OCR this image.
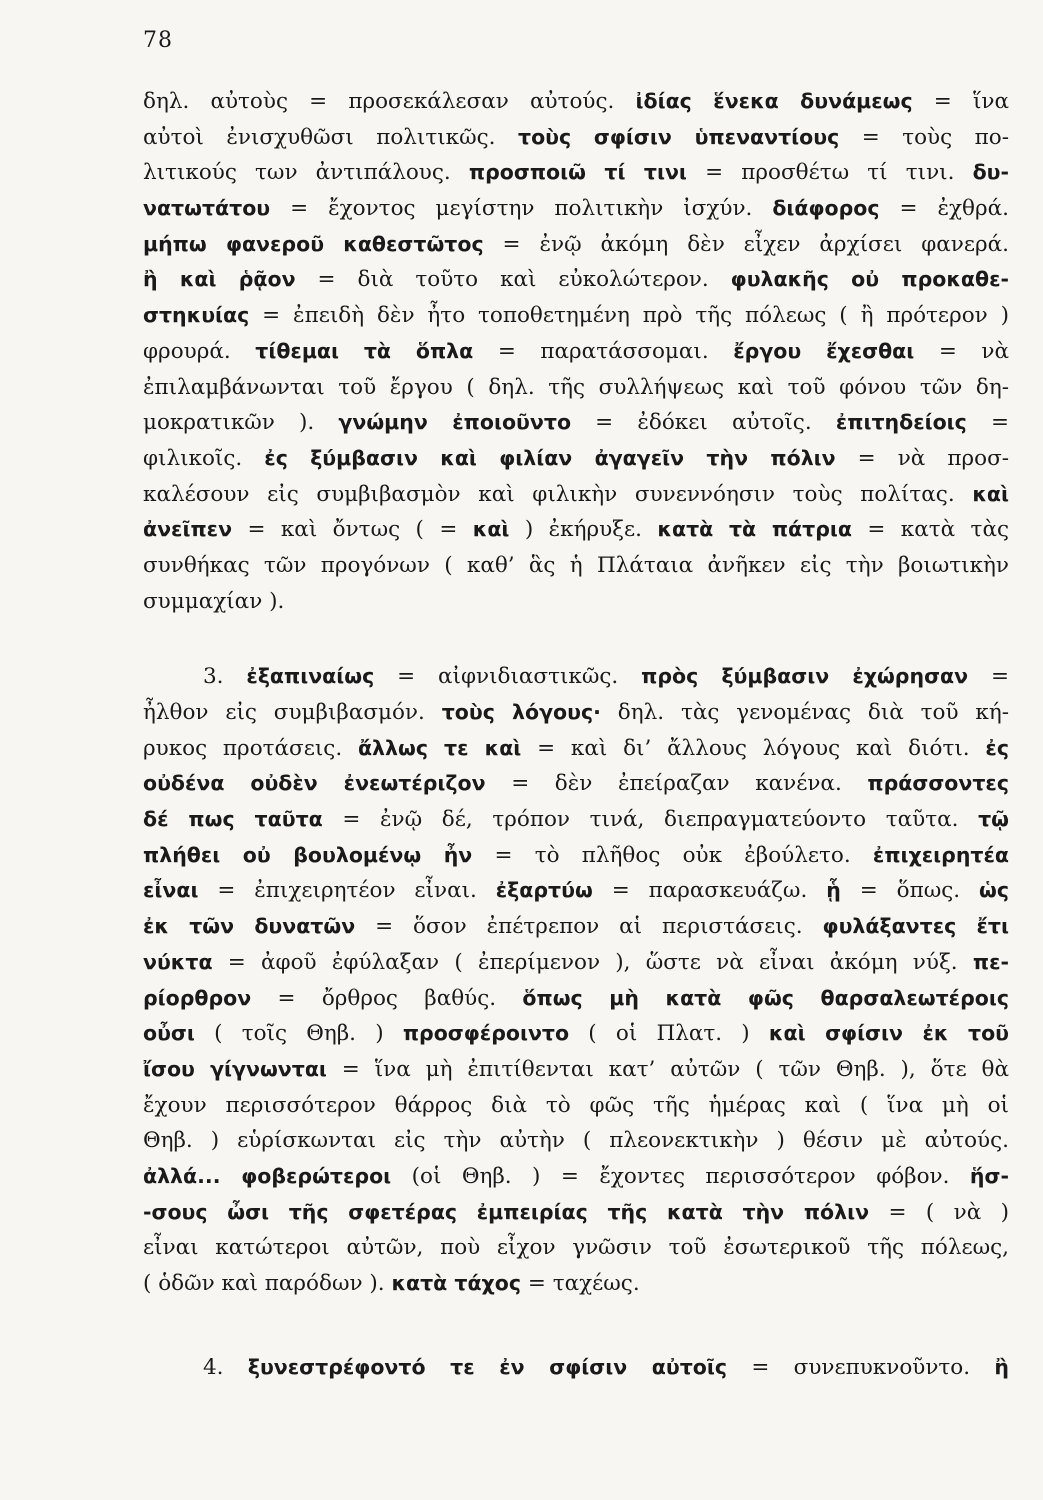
78
δηλ. αὐτοὺς = προσεκάλεσαν αὐτούς. ἰδίας ἕνεκα δυνάμεως = ἵνα
αὐτοὶ ἐνισχυθῶσι πολιτικῶς. τοὺς σφίσιν ὑπεναντίους = τοὺς πο-
λιτικούς των ἀντιπάλους. προσποιῶ τί τινι = προσθέτω τί τινι. δυ-
νατωτάτου = ἔχοντος μεγίστην πολιτικὴν ἰσχύν. διάφορος = ἐχθρά.
μήπω φανεροῦ καθεστῶτος = ἐνῷ ἀκόμη δὲν εἶχεν ἀρχίσει φανερά.
ἢ καὶ ῥᾷον = διὰ τοῦτο καὶ εὐκολώτερον. φυλακῆς οὐ προκαθε-
στηκυίας = ἐπειδὴ δὲν ἦτο τοποθετημένη πρὸ τῆς πόλεως ( ἢ πρότερον )
φρουρά. τίθεμαι τὰ ὅπλα = παρατάσσομαι. ἔργου ἔχεσθαι = νὰ
ἐπιλαμβάνωνται τοῦ ἔργου ( δηλ. τῆς συλλήψεως καὶ τοῦ φόνου τῶν δη-
μοκρατικῶν ). γνώμην ἐποιοῦντο = ἐδόκει αὐτοῖς. ἐπιτηδείοις =
φιλικοῖς. ἐς ξύμβασιν καὶ φιλίαν ἀγαγεῖν τὴν πόλιν = νὰ προσ-
καλέσουν εἰς συμβιβασμὸν καὶ φιλικὴν συνεννόησιν τοὺς πολίτας. καὶ
ἀνεῖπεν = καὶ ὄντως ( = καὶ ) ἐκήρυξε. κατὰ τὰ πάτρια = κατὰ τὰς
συνθήκας τῶν προγόνων ( καθ’ ἃς ἡ Πλάταια ἀνῆκεν εἰς τὴν βοιωτικὴν
συμμαχίαν ).
3. ἐξαπιναίως = αἰφνιδιαστικῶς. πρὸς ξύμβασιν ἐχώρησαν =
ἦλθον εἰς συμβιβασμόν. τοὺς λόγους· δηλ. τὰς γενομένας διὰ τοῦ κή-
ρυκος προτάσεις. ἄλλως τε καὶ = καὶ δι’ ἄλλους λόγους καὶ διότι. ἐς
οὐδένα οὐδὲν ἐνεωτέριζον = δὲν ἐπείραζαν κανένα. πράσσοντες
δέ πως ταῦτα = ἐνῷ δέ, τρόπον τινά, διεπραγματεύοντο ταῦτα. τῷ
πλήθει οὐ βουλομένῳ ἦν = τὸ πλῆθος οὐκ ἐβούλετο. ἐπιχειρητέα
εἶναι = ἐπιχειρητέον εἶναι. ἐξαρτύω = παρασκευάζω. ᾗ = ὅπως. ὡς
ἐκ τῶν δυνατῶν = ὅσον ἐπέτρεπον αἱ περιστάσεις. φυλάξαντες ἔτι
νύκτα = ἀφοῦ ἐφύλαξαν ( ἐπερίμενον ), ὥστε νὰ εἶναι ἀκόμη νύξ. πε-
ρίορθρον = ὄρθρος βαθύς. ὅπως μὴ κατὰ φῶς θαρσαλεωτέροις
οὖσι ( τοῖς Θηβ. ) προσφέροιντο ( οἱ Πλατ. ) καὶ σφίσιν ἐκ τοῦ
ἴσου γίγνωνται = ἵνα μὴ ἐπιτίθενται κατ’ αὐτῶν ( τῶν Θηβ. ), ὅτε θὰ
ἔχουν περισσότερον θάρρος διὰ τὸ φῶς τῆς ἡμέρας καὶ ( ἵνα μὴ οἱ
Θηβ. ) εὑρίσκωνται εἰς τὴν αὐτὴν ( πλεονεκτικὴν ) θέσιν μὲ αὐτούς.
ἀλλά... φοβερώτεροι (οἱ Θηβ. ) = ἔχοντες περισσότερον φόβον. ἥσ-
-σους ὦσι τῆς σφετέρας ἐμπειρίας τῆς κατὰ τὴν πόλιν = ( νὰ )
εἶναι κατώτεροι αὐτῶν, ποὺ εἶχον γνῶσιν τοῦ ἐσωτερικοῦ τῆς πόλεως,
( ὁδῶν καὶ παρόδων ). κατὰ τάχος = ταχέως.
4. ξυνεστρέφοντό τε ἐν σφίσιν αὐτοῖς = συνεπυκνοῦντο. ἢ
